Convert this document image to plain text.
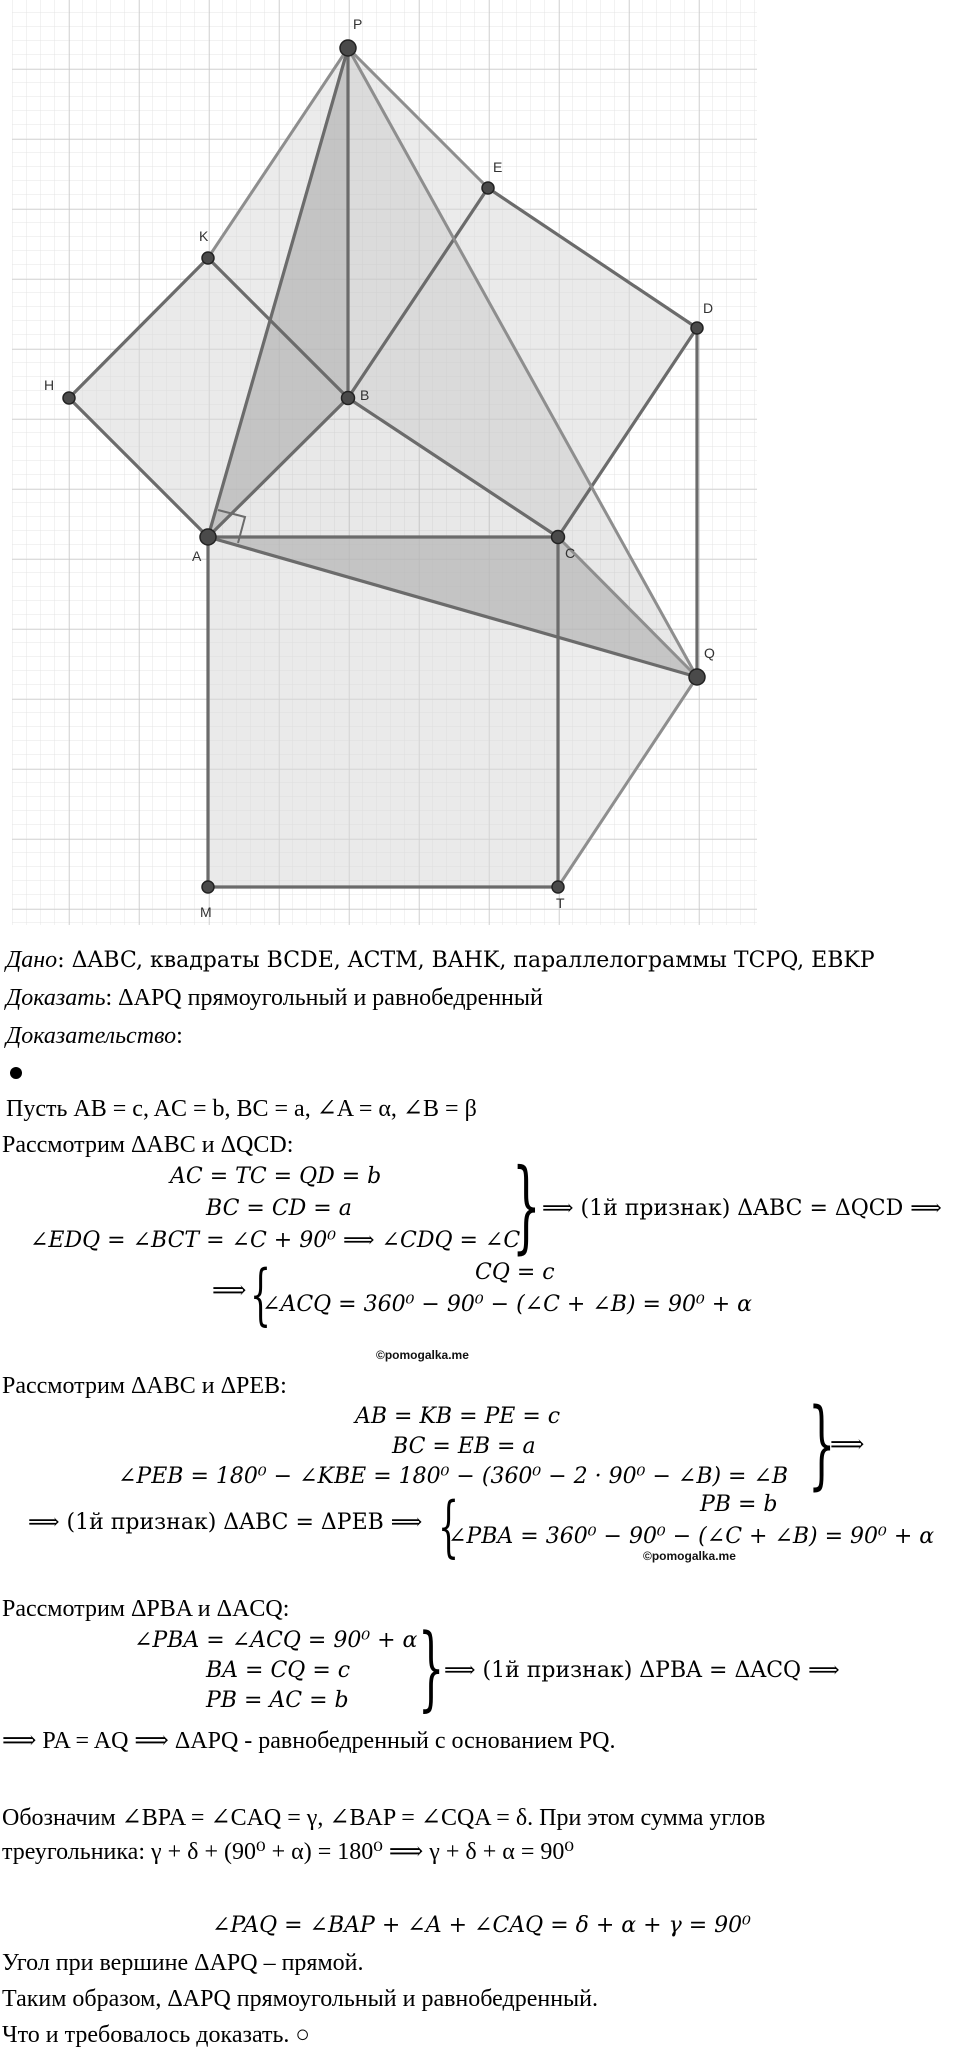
P
E
K
D
H
B
A	C
Q
M
T
Дано: ΔABC, квадраты BCDE, ACTM, BAHK, параллелограммы TCPQ, EBKP
Доказать: ΔAPQ прямоугольный и равнобедренный
Доказательство:
Пусть AB = c, AC = b, BC = a, ∠A = α, ∠B = β
Рассмотрим ΔABC и ΔQCD:
AC = TC = QD = b
BC = CD = a
∠EDQ = ∠BCT = ∠C + 90⁰ ⟹ ∠CDQ = ∠C
} ⟹ (1й признак) ΔABC = ΔQCD ⟹
⟹ {	CQ = c
∠ACQ = 360⁰ − 90⁰ − (∠C + ∠B) = 90⁰ + α
©pomogalka.me
Рассмотрим ΔABC и ΔPEB:
AB = KB = PE = c
BC = EB = a
∠PEB = 180⁰ − ∠KBE = 180⁰ − (360⁰ − 2 · 90⁰ − ∠B) = ∠B }
⟹
⟹ (1й признак) ΔABC = ΔPEB ⟹ {	PB = b
∠PBA = 360⁰ − 90⁰ − (∠C + ∠B) = 90⁰ + α
©pomogalka.me
Рассмотрим ΔPBA и ΔACQ:
∠PBA = ∠ACQ = 90⁰ + α
BA = CQ = c
PB = AC = b } ⟹ (1й признак) ΔPBA = ΔACQ ⟹
⟹ PA = AQ ⟹ ΔAPQ - равнобедренный с основанием PQ.
Обозначим ∠BPA = ∠CAQ = γ, ∠BAP = ∠CQA = δ. При этом сумма углов
треугольника: γ + δ + (90⁰ + α) = 180⁰ ⟹ γ + δ + α = 90⁰
∠PAQ = ∠BAP + ∠A + ∠CAQ = δ + α + γ = 90⁰
Угол при вершине ΔAPQ – прямой.
Таким образом, ΔAPQ прямоугольный и равнобедренный.
Что и требовалось доказать. ○
